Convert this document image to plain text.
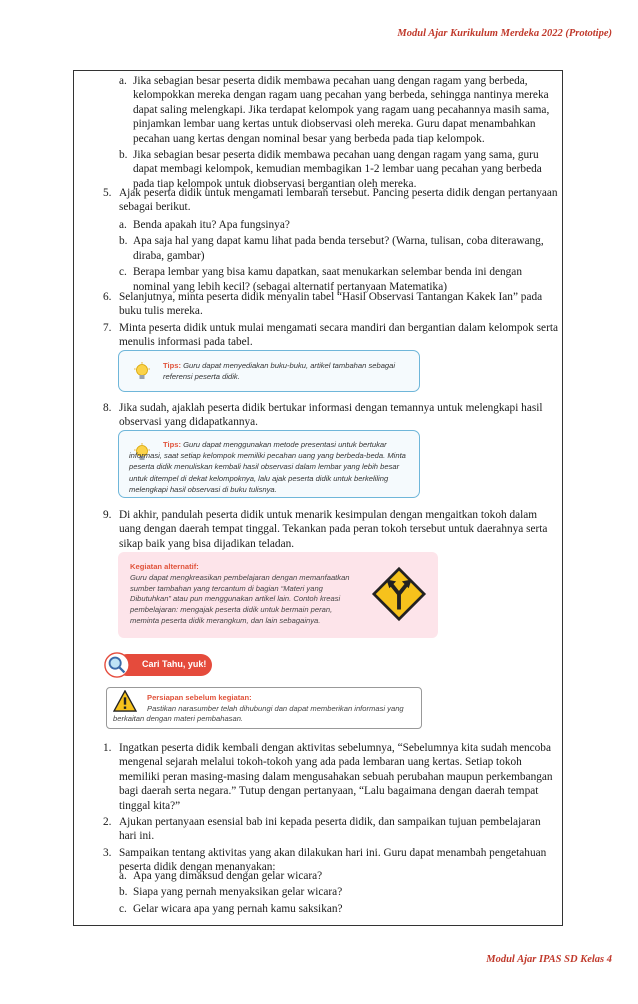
Modul Ajar Kurikulum Merdeka 2022 (Prototipe)
a. Jika sebagian besar peserta didik membawa pecahan uang dengan ragam yang berbeda, kelompokkan mereka dengan ragam uang pecahan yang berbeda, sehingga nantinya mereka dapat saling melengkapi. Jika terdapat kelompok yang ragam uang pecahannya masih sama, pinjamkan lembar uang kertas untuk diobservasi oleh mereka. Guru dapat menambahkan pecahan uang kertas dengan nominal besar yang berbeda pada tiap kelompok.
b. Jika sebagian besar peserta didik membawa pecahan uang dengan ragam yang sama, guru dapat membagi kelompok, kemudian membagikan 1-2 lembar uang pecahan yang berbeda pada tiap kelompok untuk diobservasi bergantian oleh mereka.
5. Ajak peserta didik untuk mengamati lembaran tersebut. Pancing peserta didik dengan pertanyaan sebagai berikut.
a. Benda apakah itu? Apa fungsinya?
b. Apa saja hal yang dapat kamu lihat pada benda tersebut? (Warna, tulisan, coba diterawang, diraba, gambar)
c. Berapa lembar yang bisa kamu dapatkan, saat menukarkan selembar benda ini dengan nominal yang lebih kecil? (sebagai alternatif pertanyaan Matematika)
6. Selanjutnya, minta peserta didik menyalin tabel “Hasil Observasi Tantangan Kakek Ian” pada buku tulis mereka.
7. Minta peserta didik untuk mulai mengamati secara mandiri dan bergantian dalam kelompok serta menulis informasi pada tabel.
Tips: Guru dapat menyediakan buku-buku, artikel tambahan sebagai referensi peserta didik.
8. Jika sudah, ajaklah peserta didik bertukar informasi dengan temannya untuk melengkapi hasil observasi yang didapatkannya.
Tips: Guru dapat menggunakan metode presentasi untuk bertukar informasi, saat setiap kelompok memiliki pecahan uang yang berbeda-beda. Minta peserta didik menuliskan kembali hasil observasi dalam lembar yang lebih besar untuk ditempel di dekat kelompoknya, lalu ajak peserta didik untuk berkeliling melengkapi hasil observasi di buku tulisnya.
9. Di akhir, pandulah peserta didik untuk menarik kesimpulan dengan mengaitkan tokoh dalam uang dengan daerah tempat tinggal. Tekankan pada peran tokoh tersebut untuk daerahnya serta sikap baik yang bisa dijadikan teladan.
Kegiatan alternatif:
Guru dapat mengkreasikan pembelajaran dengan memanfaatkan sumber tambahan yang tercantum di bagian “Materi yang Dibutuhkan” atau pun menggunakan artikel lain. Contoh kreasi pembelajaran: mengajak peserta didik untuk bermain peran, meminta peserta didik merangkum, dan lain sebagainya.
Cari Tahu, yuk!
Persiapan sebelum kegiatan:
Pastikan narasumber telah dihubungi dan dapat memberikan informasi yang berkaitan dengan materi pembahasan.
1. Ingatkan peserta didik kembali dengan aktivitas sebelumnya, “Sebelumnya kita sudah mencoba mengenal sejarah melalui tokoh-tokoh yang ada pada lembaran uang kertas. Setiap tokoh memiliki peran masing-masing dalam mengusahakan sebuah perubahan maupun perkembangan bagi daerah serta negara.” Tutup dengan pertanyaan, “Lalu bagaimana dengan daerah tempat tinggal kita?”
2. Ajukan pertanyaan esensial bab ini kepada peserta didik, dan sampaikan tujuan pembelajaran hari ini.
3. Sampaikan tentang aktivitas yang akan dilakukan hari ini. Guru dapat menambah pengetahuan peserta didik dengan menanyakan:
a. Apa yang dimaksud dengan gelar wicara?
b. Siapa yang pernah menyaksikan gelar wicara?
c. Gelar wicara apa yang pernah kamu saksikan?
Modul Ajar IPAS SD Kelas 4
